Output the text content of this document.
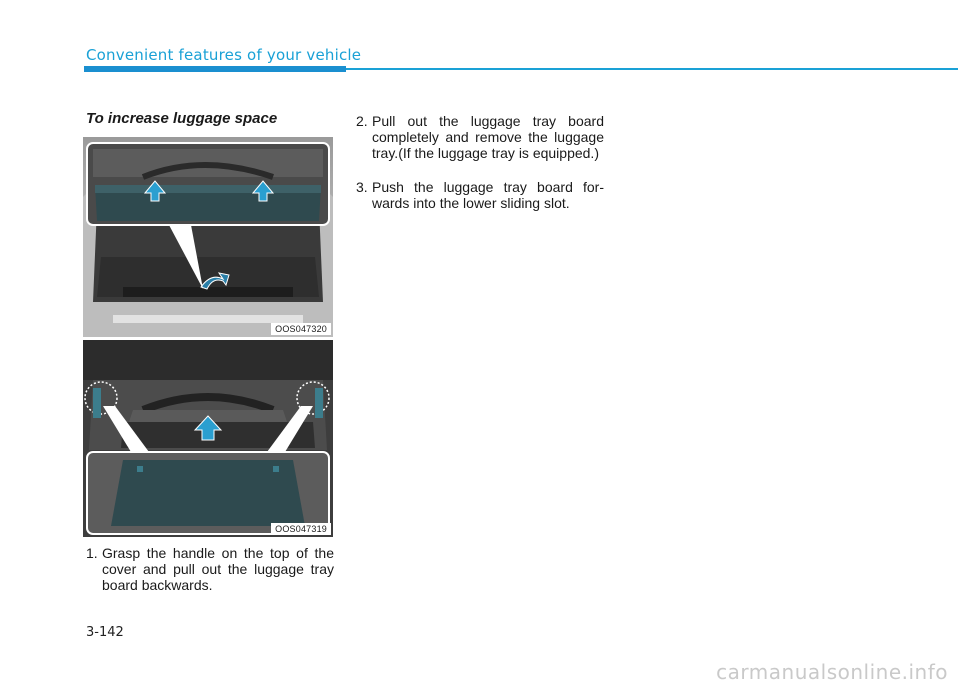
Convenient features of your vehicle
To increase luggage space
OOS047320
OOS047319

1. Grasp the handle on the top of the cover and pull out the luggage tray board backwards.

2. Pull out the luggage tray board completely and remove the luggage tray.(If the luggage tray is equipped.)

3. Push the luggage tray board forwards into the lower sliding slot.

3-142
carmanualsonline.info
